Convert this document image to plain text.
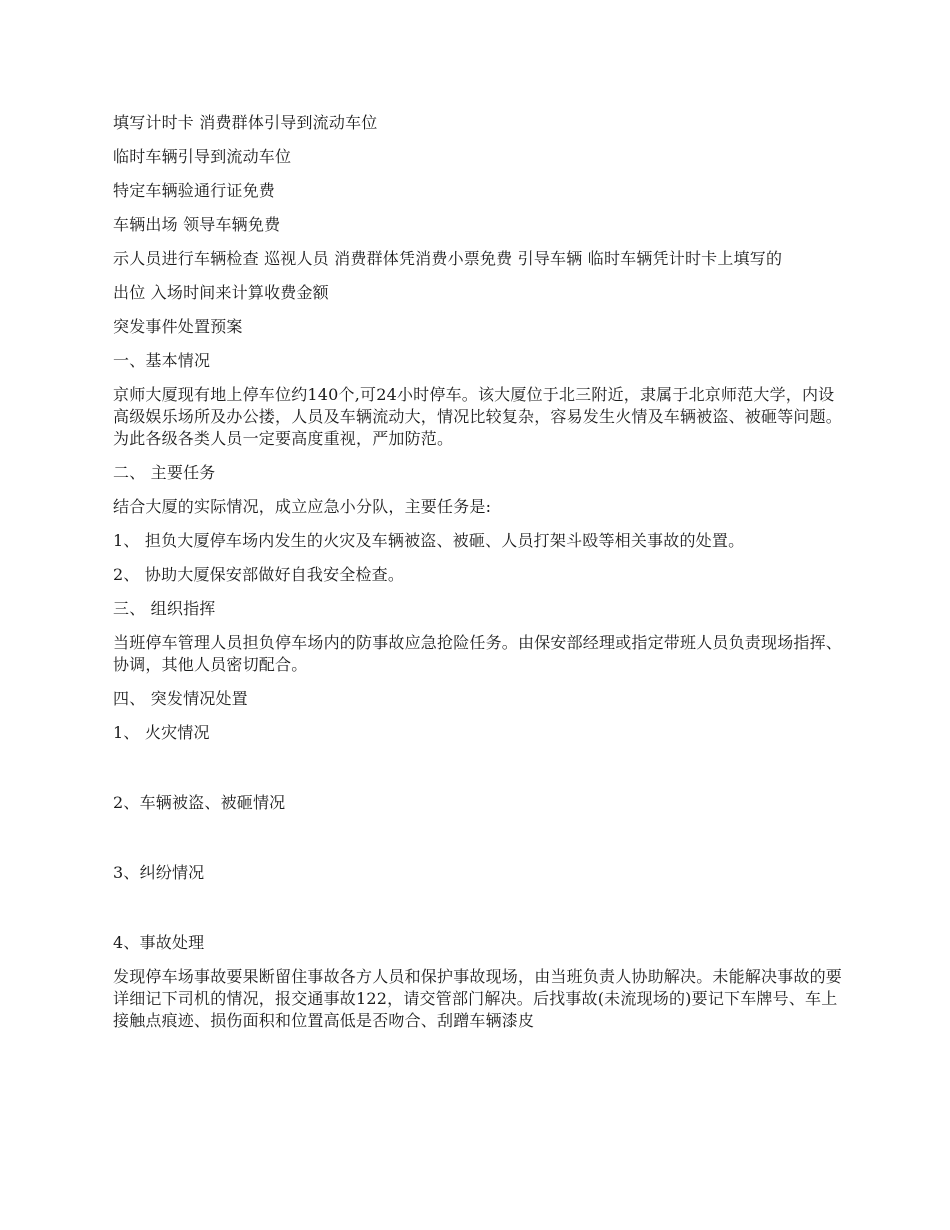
填写计时卡 消费群体引导到流动车位

临时车辆引导到流动车位

特定车辆验通行证免费

车辆出场 领导车辆免费

示人员进行车辆检查 巡视人员 消费群体凭消费小票免费 引导车辆 临时车辆凭计时卡上填写的

出位 入场时间来计算收费金额

突发事件处置预案

一、基本情况

京师大厦现有地上停车位约140个,可24小时停车。该大厦位于北三附近，隶属于北京师范大学，内设高级娱乐场所及办公搂，人员及车辆流动大，情况比较复杂，容易发生火情及车辆被盗、被砸等问题。为此各级各类人员一定要高度重视，严加防范。

二、 主要任务

结合大厦的实际情况，成立应急小分队，主要任务是:

1、 担负大厦停车场内发生的火灾及车辆被盗、被砸、人员打架斗殴等相关事故的处置。

2、 协助大厦保安部做好自我安全检查。

三、 组织指挥

当班停车管理人员担负停车场内的防事故应急抢险任务。由保安部经理或指定带班人员负责现场指挥、协调，其他人员密切配合。

四、 突发情况处置

1、 火灾情况

2、车辆被盗、被砸情况

3、纠纷情况

4、事故处理

发现停车场事故要果断留住事故各方人员和保护事故现场，由当班负责人协助解决。未能解决事故的要详细记下司机的情况，报交通事故122，请交管部门解决。后找事故(未流现场的)要记下车牌号、车上接触点痕迹、损伤面积和位置高低是否吻合、刮蹭车辆漆皮
